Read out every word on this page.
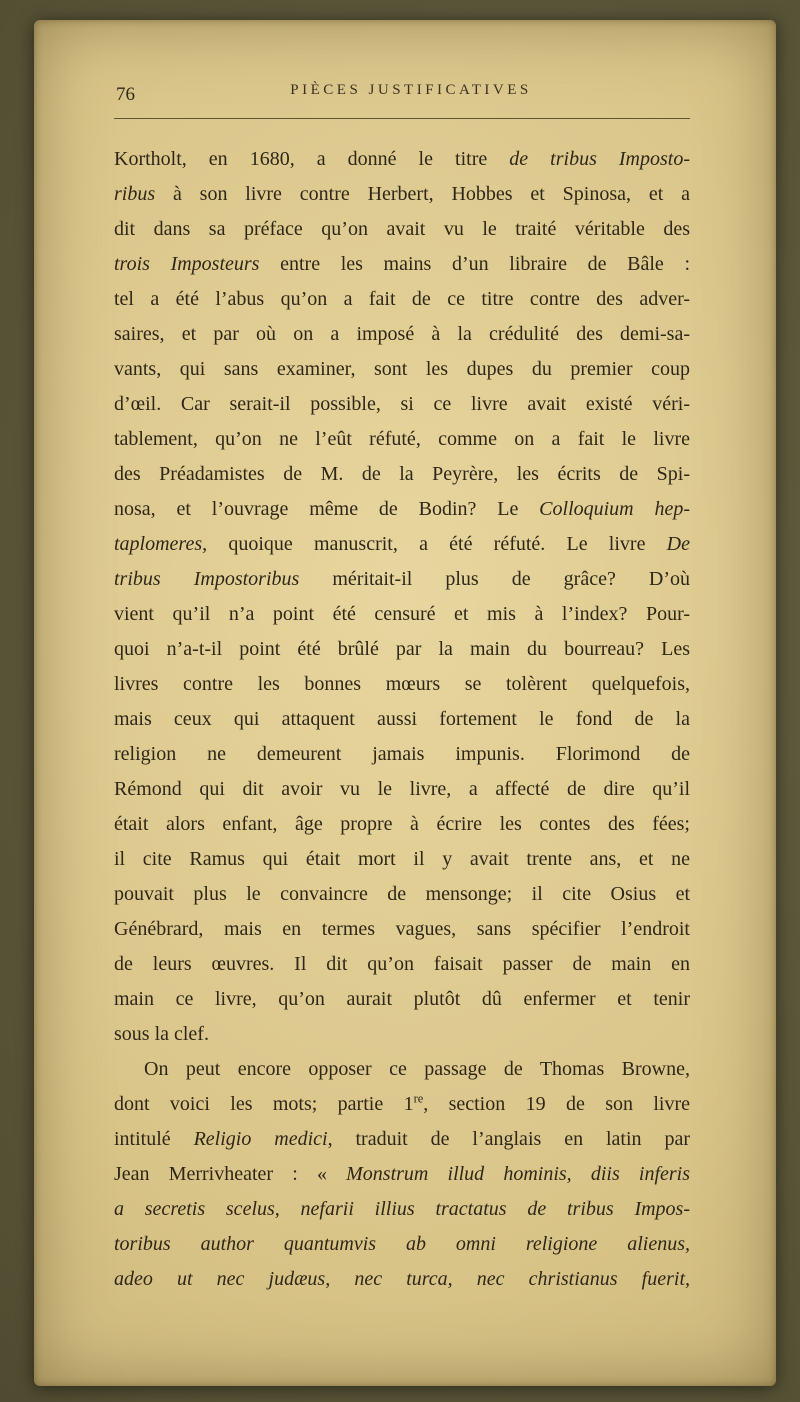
76	PIÈCES JUSTIFICATIVES
Kortholt, en 1680, a donné le titre de tribus Imposto-
ribus à son livre contre Herbert, Hobbes et Spinosa, et a
dit dans sa préface qu’on avait vu le traité véritable des
trois Imposteurs entre les mains d’un libraire de Bâle :
tel a été l’abus qu’on a fait de ce titre contre des adver-
saires, et par où on a imposé à la crédulité des demi-sa-
vants, qui sans examiner, sont les dupes du premier coup
d’œil. Car serait-il possible, si ce livre avait existé véri-
tablement, qu’on ne l’eût réfuté, comme on a fait le livre
des Préadamistes de M. de la Peyrère, les écrits de Spi-
nosa, et l’ouvrage même de Bodin? Le Colloquium hep-
taplomeres, quoique manuscrit, a été réfuté. Le livre De
tribus Impostoribus méritait-il plus de grâce? D’où
vient qu’il n’a point été censuré et mis à l’index? Pour-
quoi n’a-t-il point été brûlé par la main du bourreau? Les
livres contre les bonnes mœurs se tolèrent quelquefois,
mais ceux qui attaquent aussi fortement le fond de la
religion ne demeurent jamais impunis. Florimond de
Rémond qui dit avoir vu le livre, a affecté de dire qu’il
était alors enfant, âge propre à écrire les contes des fées;
il cite Ramus qui était mort il y avait trente ans, et ne
pouvait plus le convaincre de mensonge; il cite Osius et
Génébrard, mais en termes vagues, sans spécifier l’endroit
de leurs œuvres. Il dit qu’on faisait passer de main en
main ce livre, qu’on aurait plutôt dû enfermer et tenir
sous la clef.
On peut encore opposer ce passage de Thomas Browne,
dont voici les mots; partie 1re, section 19 de son livre
intitulé Religio medici, traduit de l’anglais en latin par
Jean Merrivheater : « Monstrum illud hominis, diis inferis
a secretis scelus, nefarii illius tractatus de tribus Impos-
toribus author quantumvis ab omni religione alienus,
adeo ut nec judæus, nec turca, nec christianus fuerit,
